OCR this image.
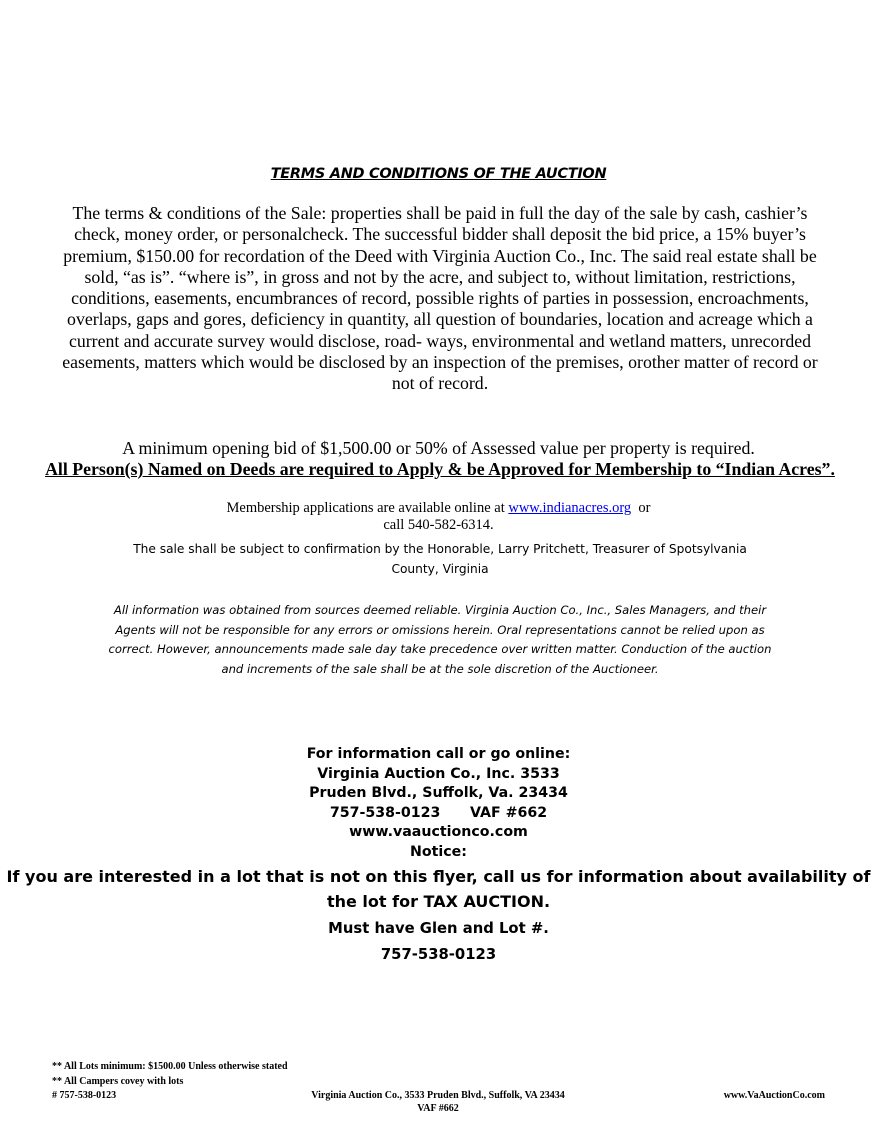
TERMS AND CONDITIONS OF THE AUCTION
The terms & conditions of the Sale: properties shall be paid in full the day of the sale by cash, cashier’s check, money order, or personalcheck. The successful bidder shall deposit the bid price, a 15% buyer’s premium, $150.00 for recordation of the Deed with Virginia Auction Co., Inc. The said real estate shall be sold, “as is”. “where is”, in gross and not by the acre, and subject to, without limitation, restrictions, conditions, easements, encumbrances of record, possible rights of parties in possession, encroachments, overlaps, gaps and gores, deficiency in quantity, all question of boundaries, location and acreage which a current and accurate survey would disclose, road- ways, environmental and wetland matters, unrecorded easements, matters which would be disclosed by an inspection of the premises, orother matter of record or not of record.
A minimum opening bid of $1,500.00 or 50% of Assessed value per property is required.
All Person(s) Named on Deeds are required to Apply & be Approved for Membership to “Indian Acres”.
Membership applications are available online at www.indianacres.org or
call 540-582-6314.
The sale shall be subject to confirmation by the Honorable, Larry Pritchett, Treasurer of Spotsylvania County, Virginia
All information was obtained from sources deemed reliable. Virginia Auction Co., Inc., Sales Managers, and their Agents will not be responsible for any errors or omissions herein. Oral representations cannot be relied upon as correct. However, announcements made sale day take precedence over written matter. Conduction of the auction and increments of the sale shall be at the sole discretion of the Auctioneer.
For information call or go online:
Virginia Auction Co., Inc. 3533
Pruden Blvd., Suffolk, Va. 23434
757-538-0123      VAF #662
www.vaauctionco.com
Notice:
If you are interested in a lot that is not on this flyer, call us for information about availability of the lot for TAX AUCTION.
Must have Glen and Lot #.
757-538-0123
** All Lots minimum: $1500.00 Unless otherwise stated
** All Campers covey with lots
# 757-538-0123	Virginia Auction Co., 3533 Pruden Blvd., Suffolk, VA 23434
VAF #662
www.VaAuctionCo.com
